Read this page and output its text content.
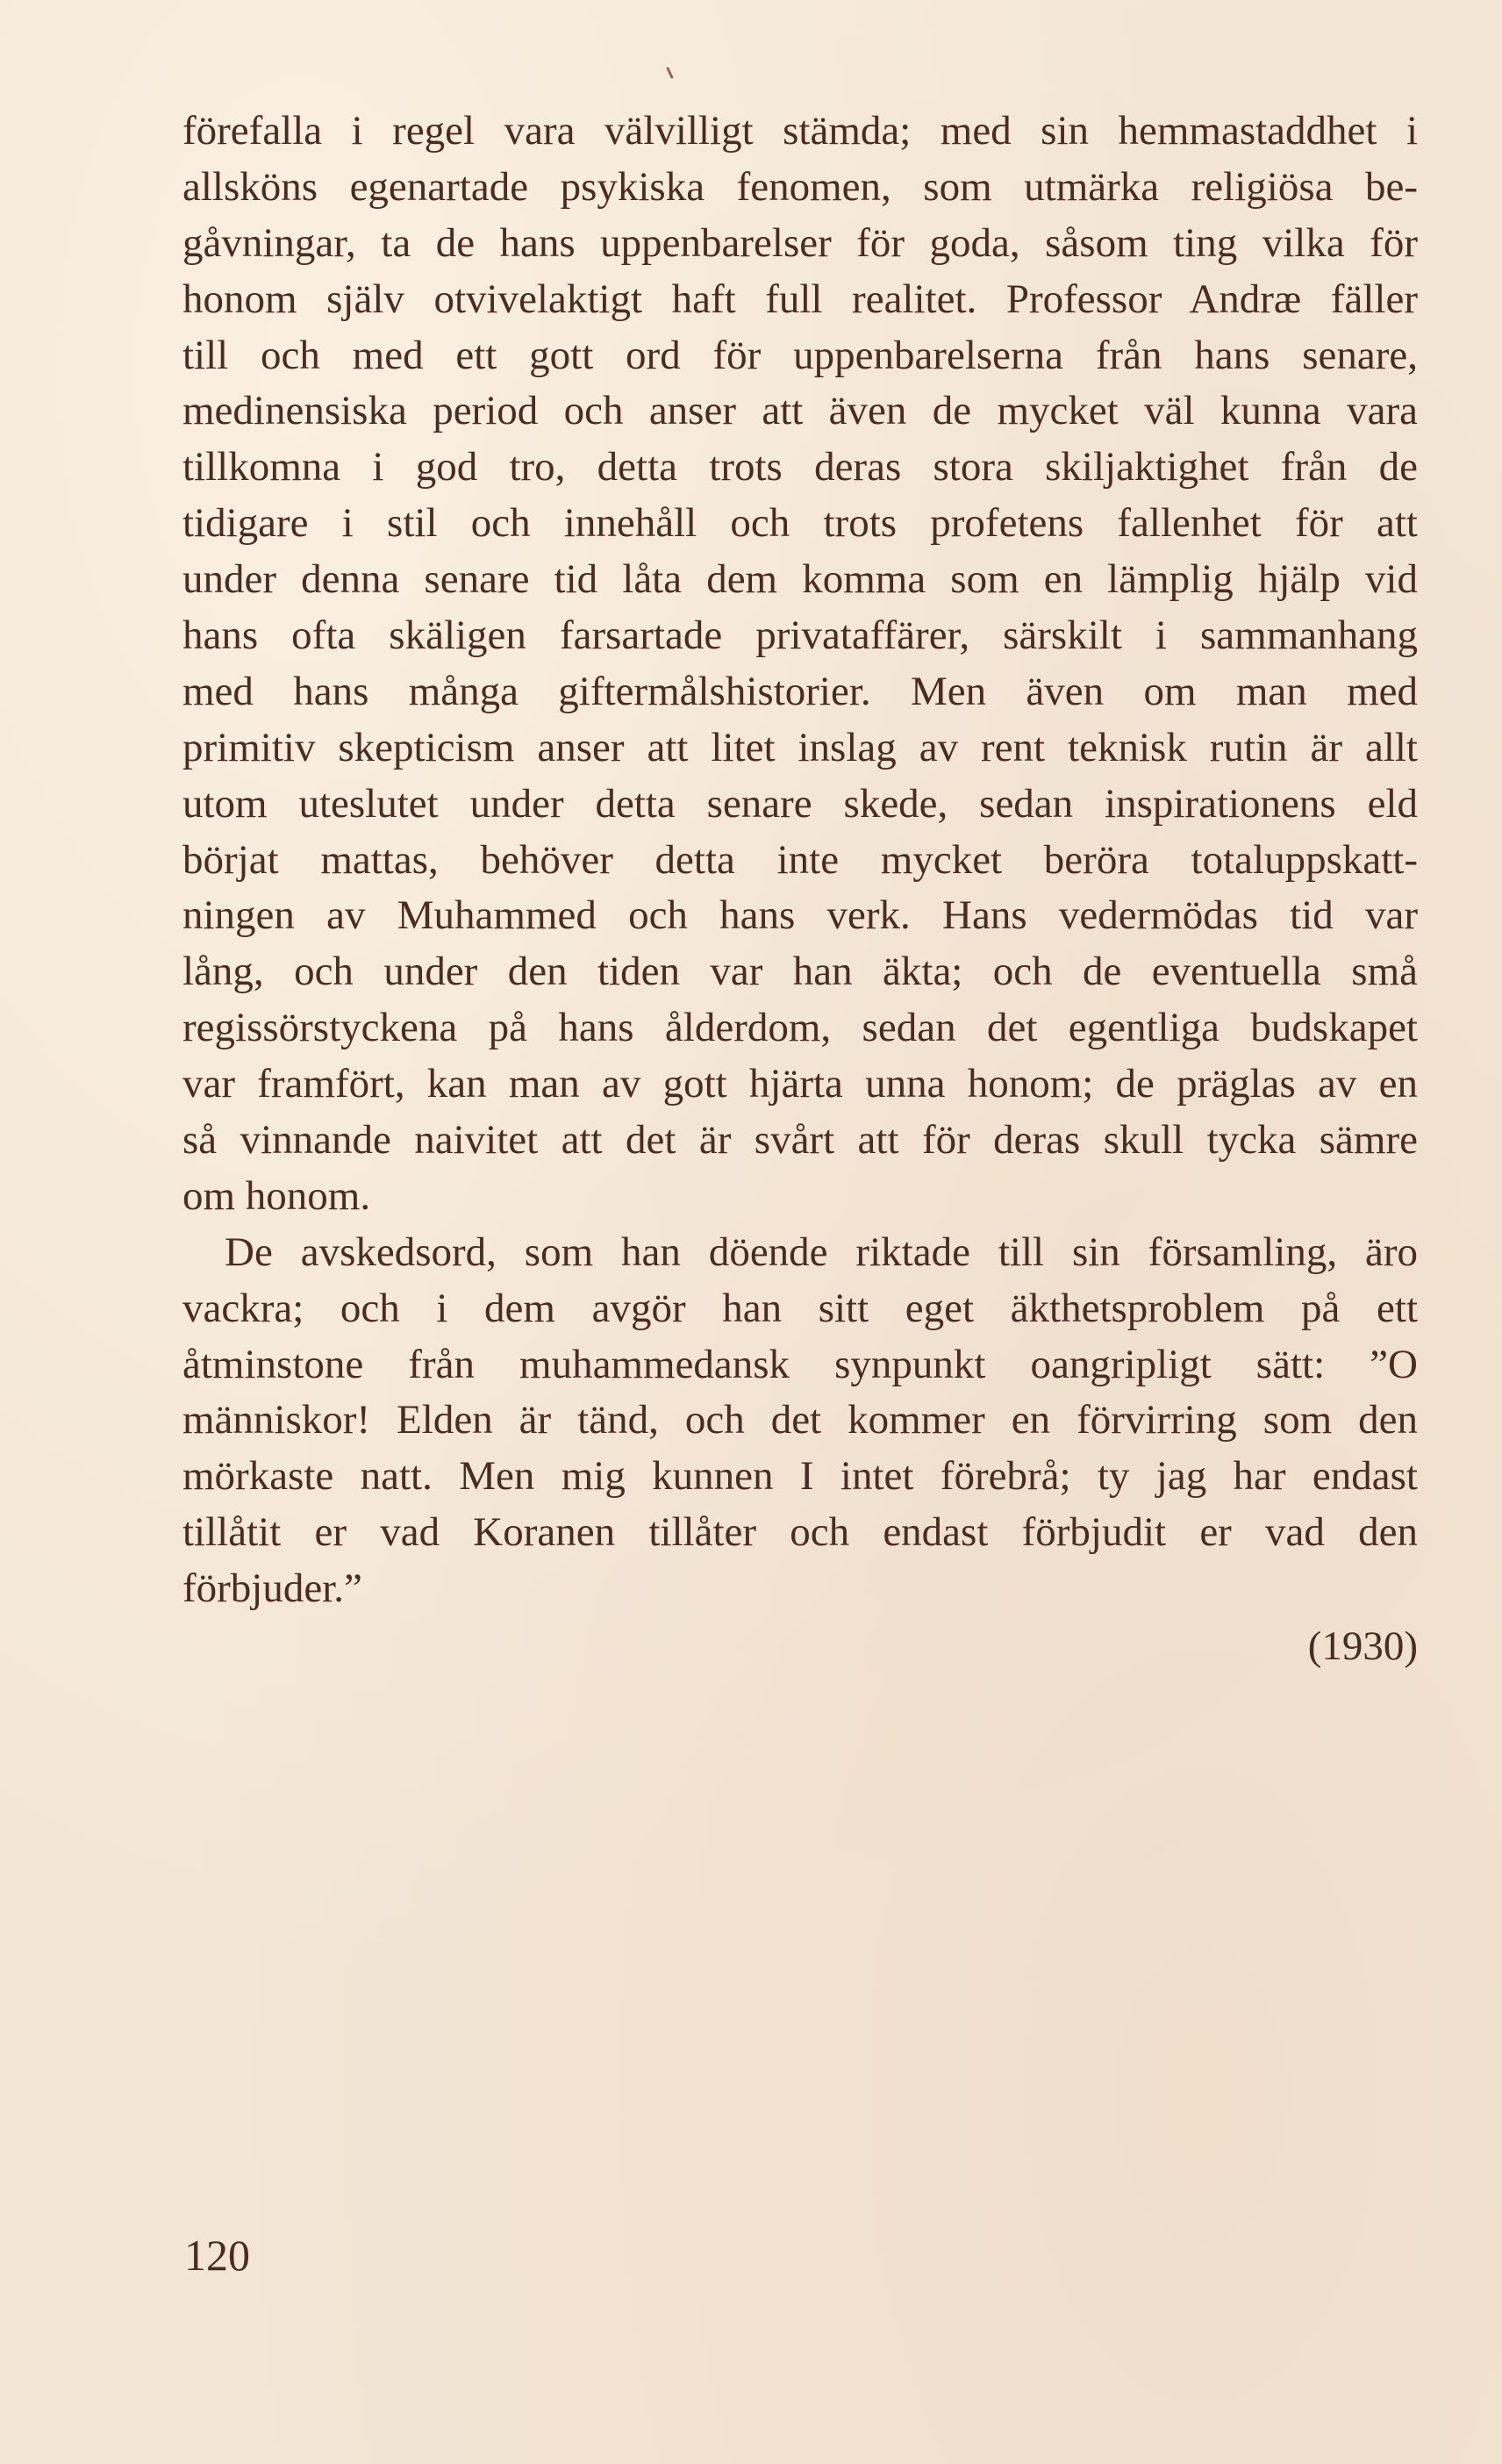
förefalla i regel vara välvilligt stämda; med sin hemmastaddhet i
allsköns egenartade psykiska fenomen, som utmärka religiösa be-
gåvningar, ta de hans uppenbarelser för goda, såsom ting vilka för
honom själv otvivelaktigt haft full realitet. Professor Andræ fäller
till och med ett gott ord för uppenbarelserna från hans senare,
medinensiska period och anser att även de mycket väl kunna vara
tillkomna i god tro, detta trots deras stora skiljaktighet från de
tidigare i stil och innehåll och trots profetens fallenhet för att
under denna senare tid låta dem komma som en lämplig hjälp vid
hans ofta skäligen farsartade privataffärer, särskilt i sammanhang
med hans många giftermålshistorier. Men även om man med
primitiv skepticism anser att litet inslag av rent teknisk rutin är allt
utom uteslutet under detta senare skede, sedan inspirationens eld
börjat mattas, behöver detta inte mycket beröra totaluppskatt-
ningen av Muhammed och hans verk. Hans vedermödas tid var
lång, och under den tiden var han äkta; och de eventuella små
regissörstyckena på hans ålderdom, sedan det egentliga budskapet
var framfört, kan man av gott hjärta unna honom; de präglas av en
så vinnande naivitet att det är svårt att för deras skull tycka sämre
om honom.
De avskedsord, som han döende riktade till sin församling, äro
vackra; och i dem avgör han sitt eget äkthetsproblem på ett
åtminstone från muhammedansk synpunkt oangripligt sätt: ”O
människor! Elden är tänd, och det kommer en förvirring som den
mörkaste natt. Men mig kunnen I intet förebrå; ty jag har endast
tillåtit er vad Koranen tillåter och endast förbjudit er vad den
förbjuder.”
(1930)
120
